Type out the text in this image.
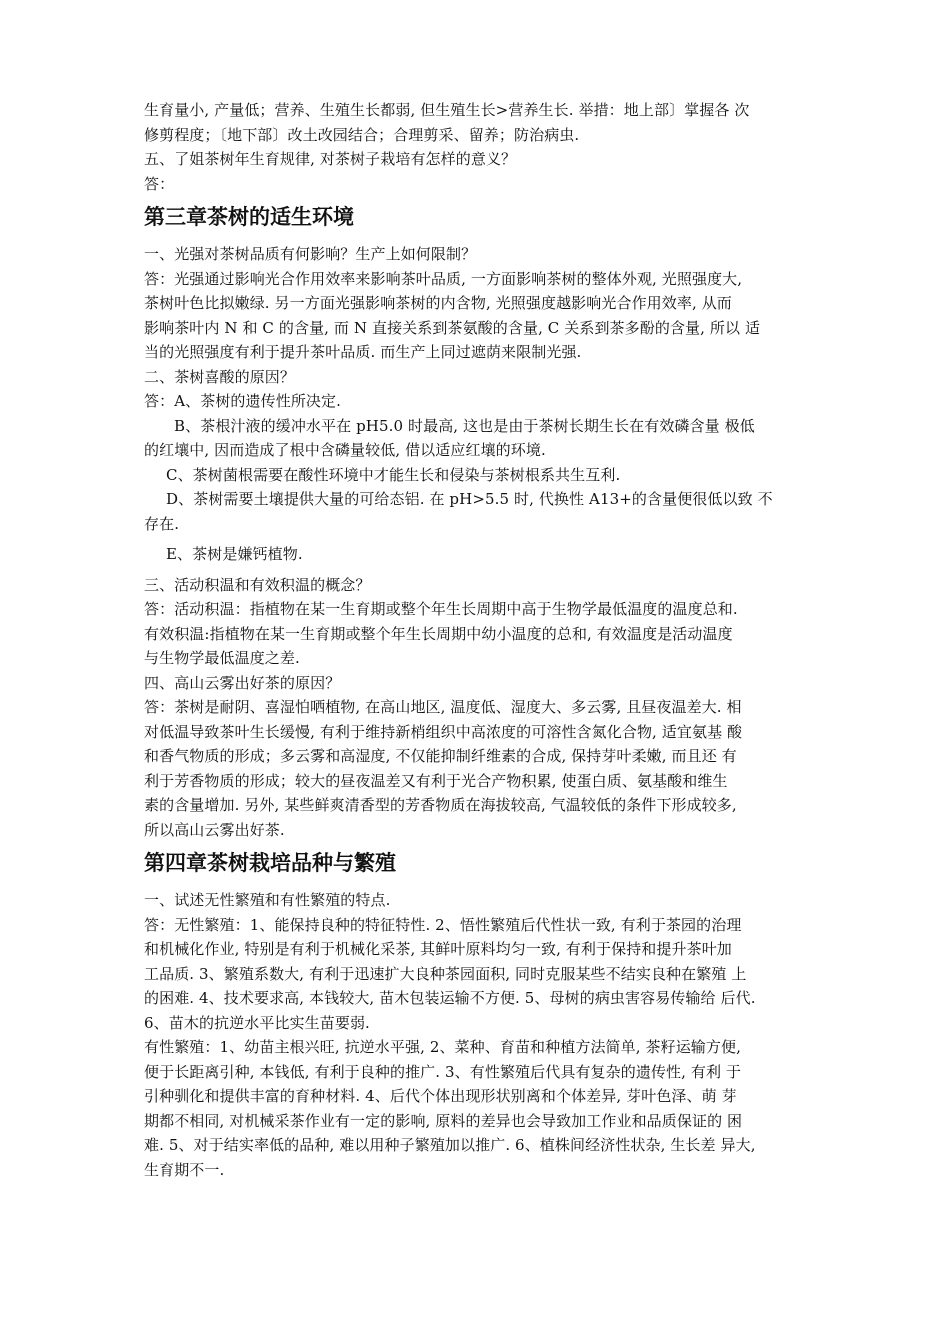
生育量小, 产量低；营养、生殖生长都弱, 但生殖生长>营养生长. 举措：地上部〕掌握各 次
修剪程度；〔地下部〕改土改园结合；合理剪采、留养；防治病虫.
五、了姐茶树年生育规律, 对茶树子栽培有怎样的意义？
答：
第三章茶树的适生环境
一、光强对茶树品质有何影响？生产上如何限制？
答：光强通过影响光合作用效率来影响茶叶品质, 一方面影响茶树的整体外观, 光照强度大,
茶树叶色比拟嫩绿. 另一方面光强影响茶树的内含物, 光照强度越影响光合作用效率, 从而
影响茶叶内 N 和 C 的含量, 而 N 直接关系到茶氨酸的含量, C 关系到茶多酚的含量, 所以 适
当的光照强度有利于提升茶叶品质. 而生产上同过遮荫来限制光强.
二、茶树喜酸的原因？
答：A、茶树的遗传性所决定.
B、茶根汁液的缓冲水平在 pH5.0 时最高, 这也是由于茶树长期生长在有效磷含量 极低
的红壤中, 因而造成了根中含磷量较低, 借以适应红壤的环境.
C、茶树菌根需要在酸性环境中才能生长和侵染与茶树根系共生互利.
D、茶树需要土壤提供大量的可给态铝. 在 pH>5.5 时, 代换性 A13+的含量便很低以致 不
存在.
E、茶树是嫌钙植物.
三、活动积温和有效积温的概念？
答：活动积温：指植物在某一生育期或整个年生长周期中高于生物学最低温度的温度总和.
有效积温:指植物在某一生育期或整个年生长周期中幼小温度的总和, 有效温度是活动温度
与生物学最低温度之差.
四、高山云雾出好茶的原因？
答：茶树是耐阴、喜湿怕哂植物, 在高山地区, 温度低、湿度大、多云雾, 且昼夜温差大. 相
对低温导致茶叶生长缓慢, 有利于维持新梢组织中高浓度的可溶性含氮化合物, 适宜氨基 酸
和香气物质的形成；多云雾和高湿度, 不仅能抑制纤维素的合成, 保持芽叶柔嫩, 而且还 有
利于芳香物质的形成；较大的昼夜温差又有利于光合产物积累, 使蛋白质、氨基酸和维生
素的含量增加. 另外, 某些鲜爽清香型的芳香物质在海拔较高, 气温较低的条件下形成较多,
所以高山云雾出好茶.
第四章茶树栽培品种与繁殖
一、试述无性繁殖和有性繁殖的特点.
答：无性繁殖：1、能保持良种的特征特性. 2、悟性繁殖后代性状一致, 有利于茶园的治理
和机械化作业, 特别是有利于机械化采茶, 其鲜叶原料均匀一致, 有利于保持和提升茶叶加
工品质. 3、繁殖系数大, 有利于迅速扩大良种茶园面积, 同时克服某些不结实良种在繁殖 上
的困难. 4、技术要求高, 本钱较大, 苗木包装运输不方便. 5、母树的病虫害容易传输给 后代.
6、苗木的抗逆水平比实生苗要弱.
有性繁殖：1、幼苗主根兴旺, 抗逆水平强, 2、菜种、育苗和种植方法简单, 茶籽运输方便,
便于长距离引种, 本钱低, 有利于良种的推广. 3、有性繁殖后代具有复杂的遗传性, 有利 于
引种驯化和提供丰富的育种材料. 4、后代个体出现形状别离和个体差异, 芽叶色泽、萌 芽
期都不相同, 对机械采茶作业有一定的影响, 原料的差异也会导致加工作业和品质保证的 困
难. 5、对于结实率低的品种, 难以用种子繁殖加以推广. 6、植株间经济性状杂, 生长差 异大,
生育期不一.
